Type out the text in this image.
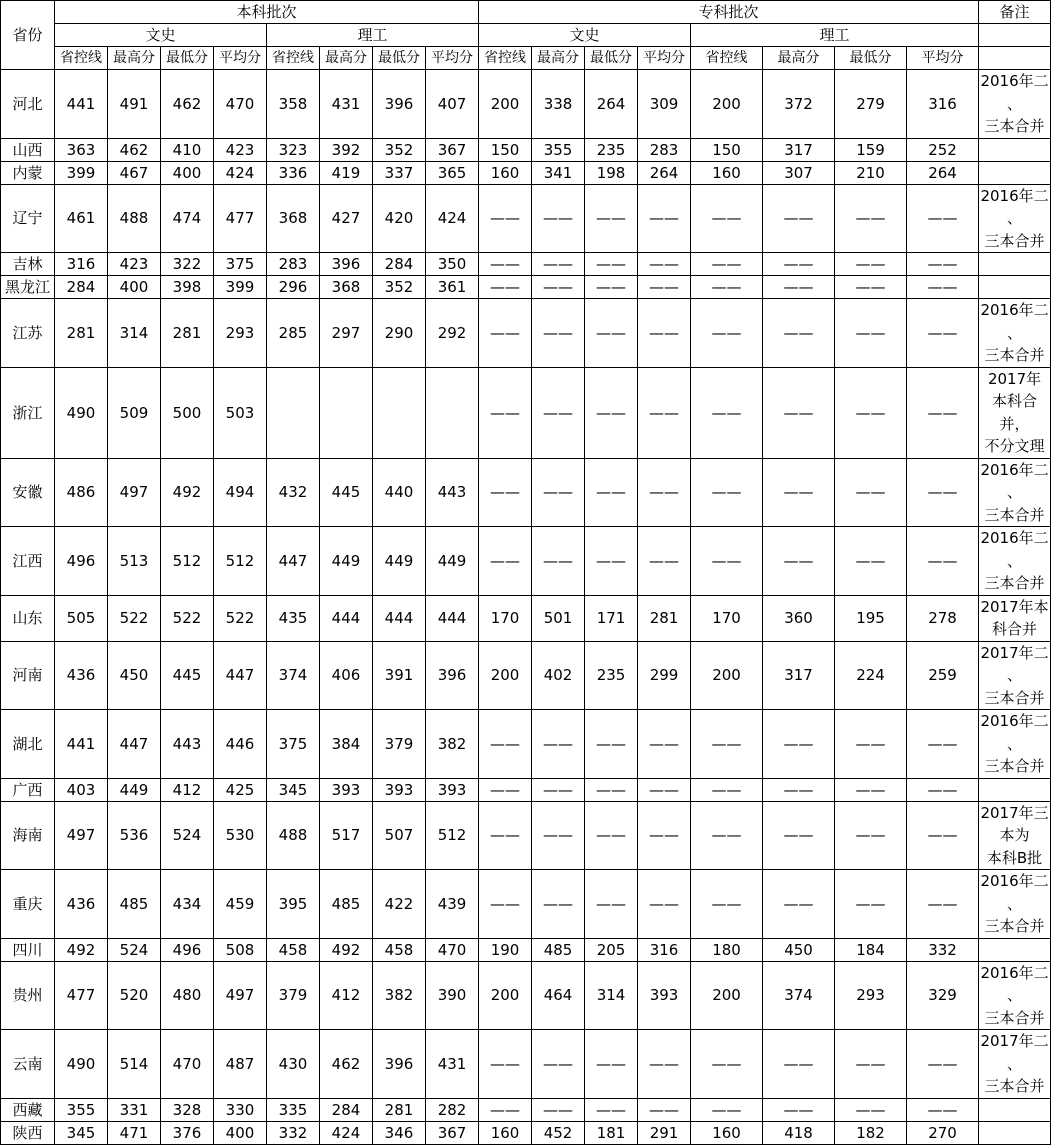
省份	本科批次								专科批次								备注
	文史				理工				文史				理工				
	省控线	最高分	最低分	平均分	省控线	最高分	最低分	平均分	省控线	最高分	最低分	平均分	省控线	最高分	最低分	平均分	
河北	441	491	462	470	358	431	396	407	200	338	264	309	200	372	279	316	2016年二
、
三本合并

山西	363	462	410	423	323	392	352	367	150	355	235	283	150	317	159	252	
内蒙	399	467	400	424	336	419	337	365	160	341	198	264	160	307	210	264	
辽宁	461	488	474	477	368	427	420	424	——	——	——	——	——	——	——	——	2016年二
、
三本合并

吉林	316	423	322	375	283	396	284	350	——	——	——	——	——	——	——	——	
黑龙江	284	400	398	399	296	368	352	361	——	——	——	——	——	——	——	——	
江苏	281	314	281	293	285	297	290	292	——	——	——	——	——	——	——	——	2016年二
、
三本合并

浙江	490	509	500	503					——	——	——	——	——	——	——	——	2017年
本科合
并，
不分文理

安徽	486	497	492	494	432	445	440	443	——	——	——	——	——	——	——	——	2016年二
、
三本合并

江西	496	513	512	512	447	449	449	449	——	——	——	——	——	——	——	——	2016年二
、
三本合并

山东	505	522	522	522	435	444	444	444	170	501	171	281	170	360	195	278	2017年本
科合并

河南	436	450	445	447	374	406	391	396	200	402	235	299	200	317	224	259	2017年二
、
三本合并

湖北	441	447	443	446	375	384	379	382	——	——	——	——	——	——	——	——	2016年二
、
三本合并

广西	403	449	412	425	345	393	393	393	——	——	——	——	——	——	——	——	
海南	497	536	524	530	488	517	507	512	——	——	——	——	——	——	——	——	2017年三
本为
本科B批

重庆	436	485	434	459	395	485	422	439	——	——	——	——	——	——	——	——	2016年二
、
三本合并

四川	492	524	496	508	458	492	458	470	190	485	205	316	180	450	184	332	
贵州	477	520	480	497	379	412	382	390	200	464	314	393	200	374	293	329	2016年二
、
三本合并

云南	490	514	470	487	430	462	396	431	——	——	——	——	——	——	——	——	2017年二
、
三本合并

西藏	355	331	328	330	335	284	281	282	——	——	——	——	——	——	——	——	
陕西	345	471	376	400	332	424	346	367	160	452	181	291	160	418	182	270	
